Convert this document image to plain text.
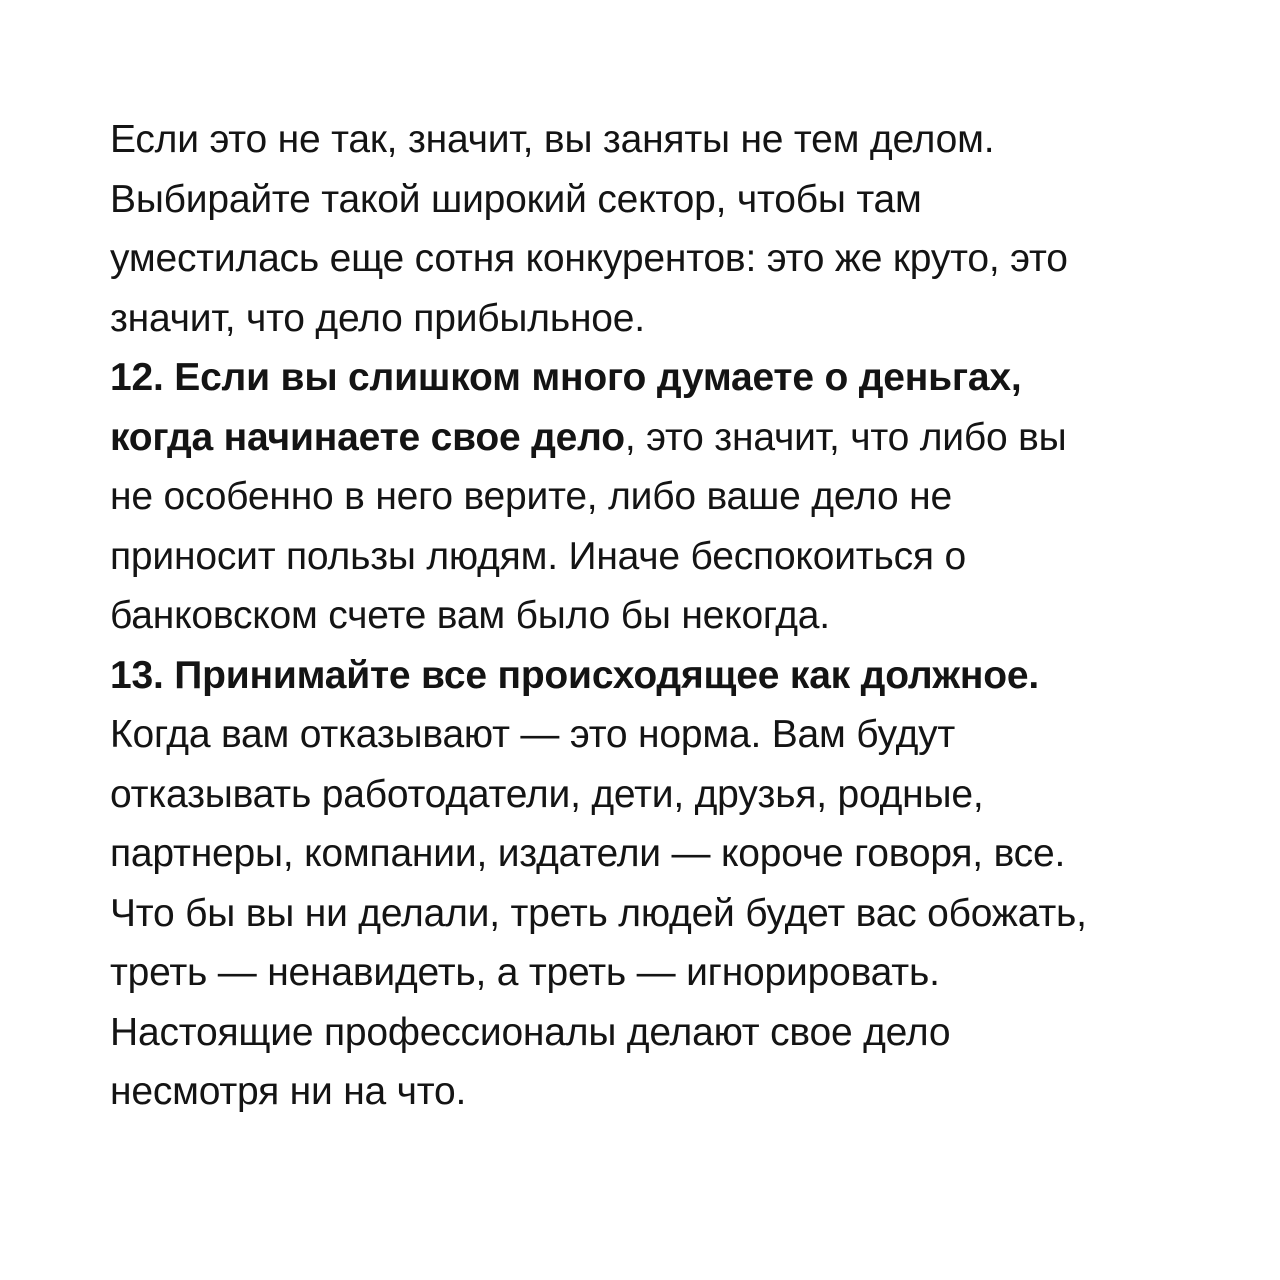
Если это не так, значит, вы заняты не тем делом.
Выбирайте такой широкий сектор, чтобы там
уместилась еще сотня конкурентов: это же круто, это
значит, что дело прибыльное.
12. Если вы слишком много думаете о деньгах,
когда начинаете свое дело, это значит, что либо вы
не особенно в него верите, либо ваше дело не
приносит пользы людям. Иначе беспокоиться о
банковском счете вам было бы некогда.
13. Принимайте все происходящее как должное.
Когда вам отказывают — это норма. Вам будут
отказывать работодатели, дети, друзья, родные,
партнеры, компании, издатели — короче говоря, все.
Что бы вы ни делали, треть людей будет вас обожать,
треть — ненавидеть, а треть — игнорировать.
Настоящие профессионалы делают свое дело
несмотря ни на что.
